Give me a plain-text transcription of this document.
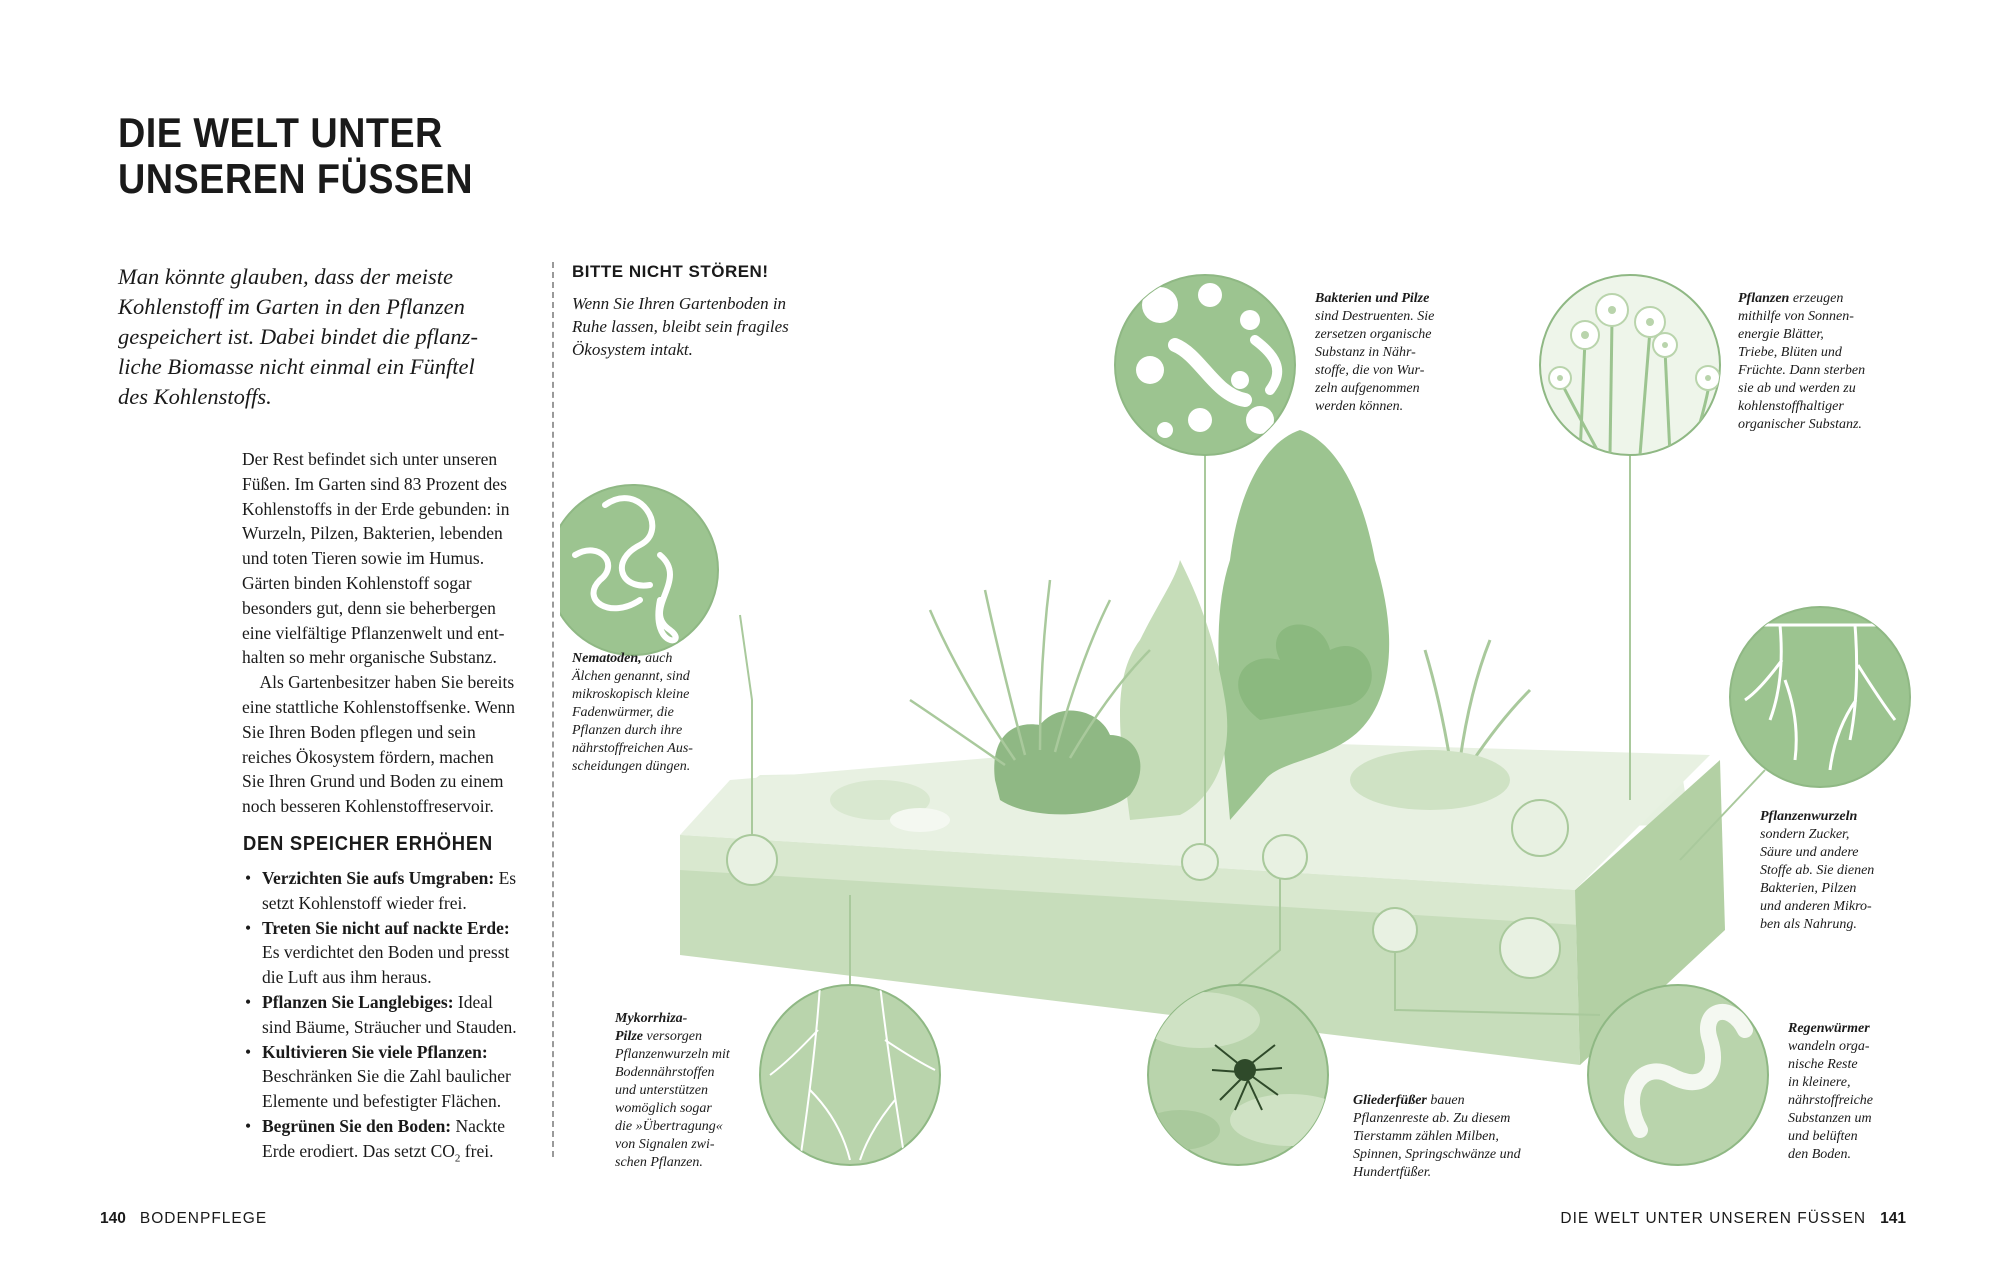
DIE WELT UNTER
UNSEREN FÜSSEN
Man könnte glauben, dass der meiste
Kohlenstoff im Garten in den Pflanzen
gespeichert ist. Dabei bindet die pflanz-
liche Biomasse nicht einmal ein Fünftel
des Kohlenstoffs.
Der Rest befindet sich unter unseren
Füßen. Im Garten sind 83 Prozent des
Kohlenstoffs in der Erde gebunden: in
Wurzeln, Pilzen, Bakterien, lebenden
und toten Tieren sowie im Humus.
Gärten binden Kohlenstoff sogar
besonders gut, denn sie beherbergen
eine vielfältige Pflanzenwelt und ent-
halten so mehr organische Substanz.
  Als Gartenbesitzer haben Sie bereits
eine stattliche Kohlenstoffsenke. Wenn
Sie Ihren Boden pflegen und sein
reiches Ökosystem fördern, machen
Sie Ihren Grund und Boden zu einem
noch besseren Kohlenstoffreservoir.
DEN SPEICHER ERHÖHEN
• Verzichten Sie aufs Umgraben: Es
setzt Kohlenstoff wieder frei.
• Treten Sie nicht auf nackte Erde:
Es verdichtet den Boden und presst
die Luft aus ihm heraus.
• Pflanzen Sie Langlebiges: Ideal
sind Bäume, Sträucher und Stauden.
• Kultivieren Sie viele Pflanzen:
Beschränken Sie die Zahl baulicher
Elemente und befestigter Flächen.
• Begrünen Sie den Boden: Nackte
Erde erodiert. Das setzt $CO_2$ frei.
BITTE NICHT STÖREN!
Wenn Sie Ihren Gartenboden in
Ruhe lassen, bleibt sein fragiles
Ökosystem intakt.
Bakterien und Pilze
sind Destruenten. Sie
zersetzen organische
Substanz in Nähr-
stoffe, die von Wur-
zeln aufgenommen
werden können.
Pflanzen erzeugen
mithilfe von Sonnen-
energie Blätter,
Triebe, Blüten und
Früchte. Dann sterben
sie ab und werden zu
kohlenstoffhaltiger
organischer Substanz.
Nematoden, auch
Älchen genannt, sind
mikroskopisch kleine
Fadenwürmer, die
Pflanzen durch ihre
nährstoffreichen Aus-
scheidungen düngen.
Pflanzenwurzeln
sondern Zucker,
Säure und andere
Stoffe ab. Sie dienen
Bakterien, Pilzen
und anderen Mikro-
ben als Nahrung.
Mykorrhiza-
Pilze versorgen
Pflanzenwurzeln mit
Bodennährstoffen
und unterstützen
womöglich sogar
die »Übertragung«
von Signalen zwi-
schen Pflanzen.
Gliederfüßer bauen
Pflanzenreste ab. Zu diesem
Tierstamm zählen Milben,
Spinnen, Springschwänze und
Hundertfüßer.
Regenwürmer
wandeln orga-
nische Reste
in kleinere,
nährstoffreiche
Substanzen um
und belüften
den Boden.
140 BODENPFLEGE	DIE WELT UNTER UNSEREN FÜSSEN 141
